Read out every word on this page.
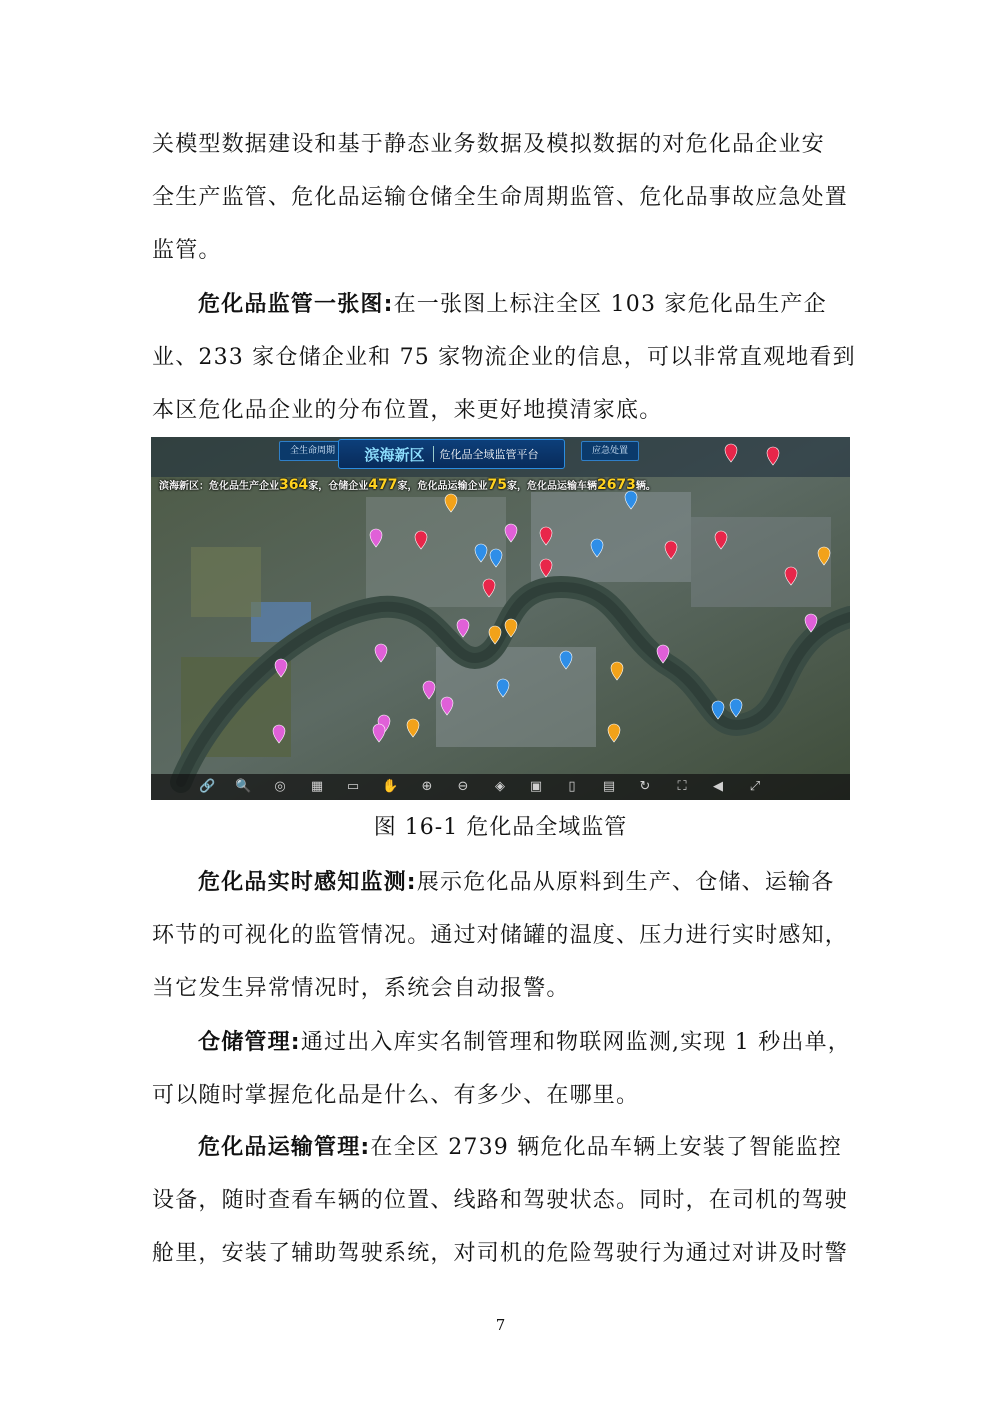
关模型数据建设和基于静态业务数据及模拟数据的对危化品企业安
全生产监管、危化品运输仓储全生命周期监管、危化品事故应急处置
监管。
危化品监管一张图:在一张图上标注全区 103 家危化品生产企
业、233 家仓储企业和 75 家物流企业的信息，可以非常直观地看到
本区危化品企业的分布位置，来更好地摸清家底。
全生命周期	滨海新区 危化品全域监管平台	应急处置
滨海新区：危化品生产企业364家，仓储企业477家，危化品运输企业75家，危化品运输车辆2673辆。
🔗 🔍 ◎ ▦ ▭ ✋ ⊕ ⊖ ◈ ▣	▯	▤ ↻ ⛶ ◀ ⤢
图 16-1 危化品全域监管
危化品实时感知监测:展示危化品从原料到生产、仓储、运输各
环节的可视化的监管情况。通过对储罐的温度、压力进行实时感知，
当它发生异常情况时，系统会自动报警。
仓储管理:通过出入库实名制管理和物联网监测,实现 1 秒出单，
可以随时掌握危化品是什么、有多少、在哪里。
危化品运输管理:在全区 2739 辆危化品车辆上安装了智能监控
设备，随时查看车辆的位置、线路和驾驶状态。同时，在司机的驾驶
舱里，安装了辅助驾驶系统，对司机的危险驾驶行为通过对讲及时警
7
